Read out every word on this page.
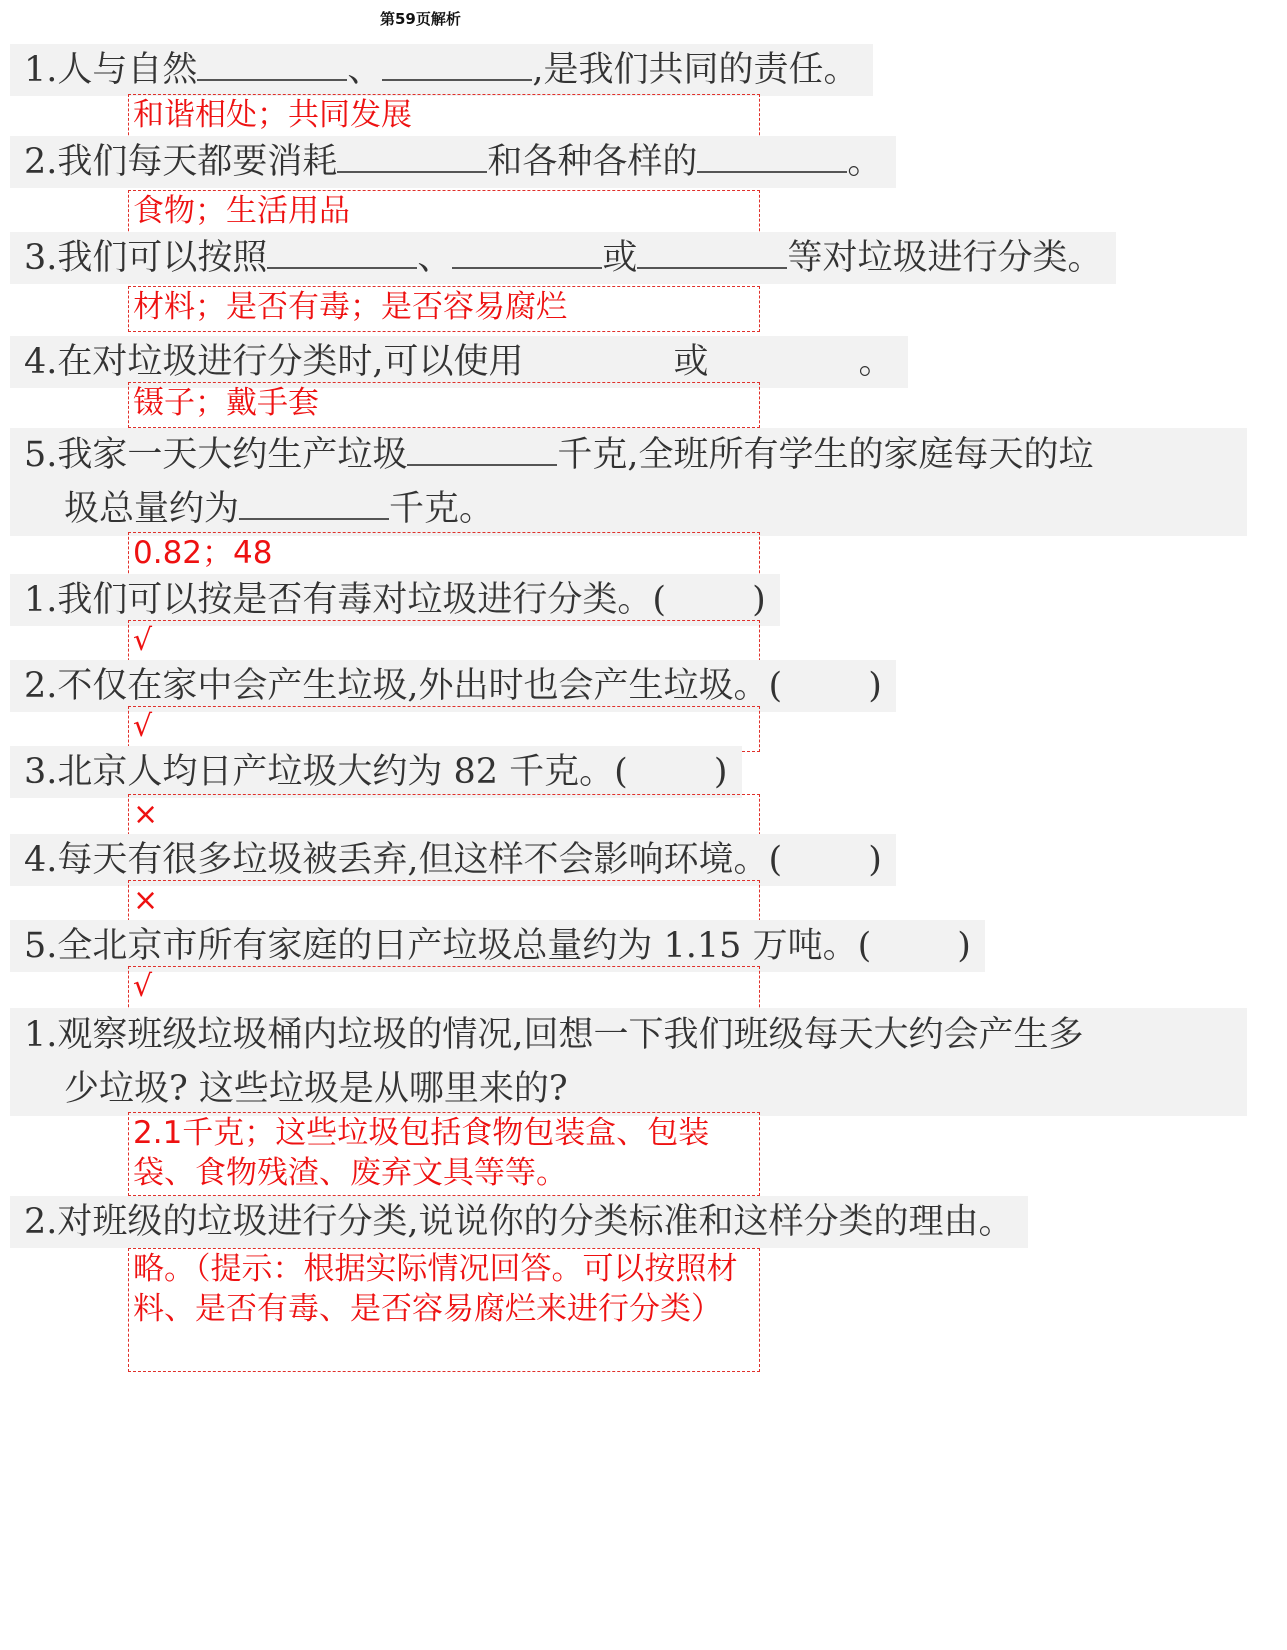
第59页解析
1.人与自然	、	,是我们共同的责任。
和谐相处；共同发展
2.我们每天都要消耗	和各种各样的	。
食物；生活用品
3.我们可以按照	、	或	等对垃圾进行分类。
材料；是否有毒；是否容易腐烂
4.在对垃圾进行分类时,可以使用	或	。
镊子；戴手套
5.我家一天大约生产垃圾	千克,全班所有学生的家庭每天的垃
圾总量约为	千克。
0.82；48
1.我们可以按是否有毒对垃圾进行分类。( )
√
2.不仅在家中会产生垃圾,外出时也会产生垃圾。( )
√
3.北京人均日产垃圾大约为 82 千克。( )
×
4.每天有很多垃圾被丢弃,但这样不会影响环境。( )
×
5.全北京市所有家庭的日产垃圾总量约为 1.15 万吨。( )
√
1.观察班级垃圾桶内垃圾的情况,回想一下我们班级每天大约会产生多
少垃圾? 这些垃圾是从哪里来的?
2.1千克；这些垃圾包括食物包装盒、包装袋、食物残渣、废弃文具等等。
2.对班级的垃圾进行分类,说说你的分类标准和这样分类的理由。
略。（提示：根据实际情况回答。可以按照材料、是否有毒、是否容易腐烂来进行分类）
